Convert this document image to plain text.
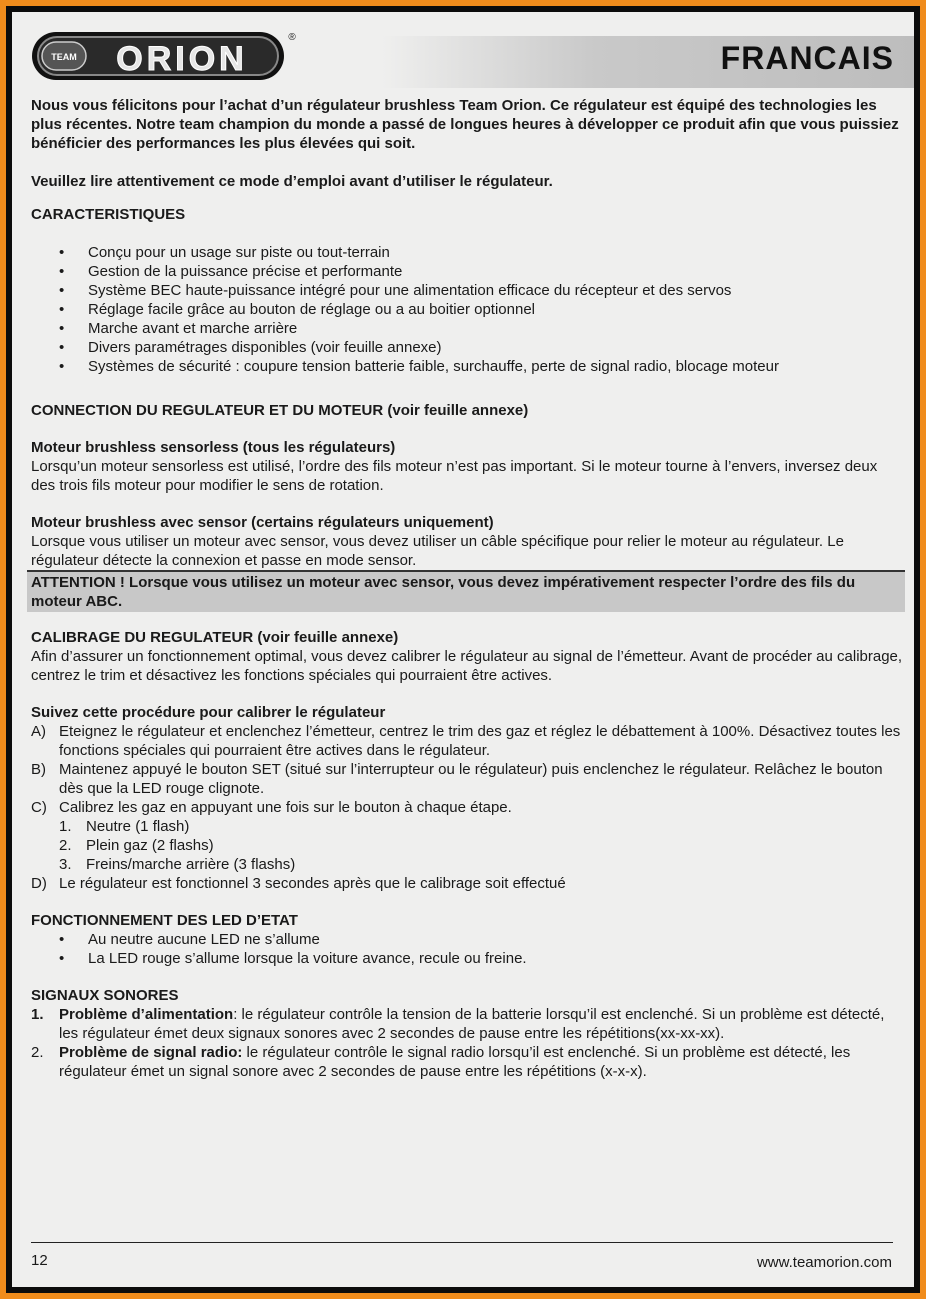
TEAM ORION
®
FRANCAIS

Nous vous félicitons pour l’achat d’un régulateur brushless Team Orion. Ce régulateur est équipé des technologies les plus récentes. Notre team champion du monde a passé de longues heures à développer ce produit afin que vous puissiez bénéficier des performances les plus élevées qui soit.

Veuillez lire attentivement ce mode d’emploi avant d’utiliser le régulateur.

CARACTERISTIQUES
• Conçu pour un usage sur piste ou tout-terrain
• Gestion de la puissance précise et performante
• Système BEC haute-puissance intégré pour une alimentation efficace du récepteur et des servos
• Réglage facile grâce au bouton de réglage ou a au boitier optionnel
• Marche avant et marche arrière
• Divers paramétrages disponibles (voir feuille annexe)
• Systèmes de sécurité : coupure tension batterie faible, surchauffe, perte de signal radio, blocage moteur
CONNECTION DU REGULATEUR ET DU MOTEUR (voir feuille annexe)
Moteur brushless sensorless (tous les régulateurs)

Lorsqu’un moteur sensorless est utilisé, l’ordre des fils moteur n’est pas important. Si le moteur tourne à l’envers, inversez deux des trois fils moteur pour modifier le sens de rotation.

Moteur brushless avec sensor (certains régulateurs uniquement)

Lorsque vous utiliser un moteur avec sensor, vous devez utiliser un câble spécifique pour relier le moteur au régulateur. Le régulateur détecte la connexion et passe en mode sensor.

ATTENTION ! Lorsque vous utilisez un moteur avec sensor, vous devez impérativement respecter l’ordre des fils du moteur ABC.
CALIBRAGE DU REGULATEUR (voir feuille annexe)

Afin d’assurer un fonctionnement optimal, vous devez calibrer le régulateur au signal de l’émetteur. Avant de procéder au calibrage, centrez le trim et désactivez les fonctions spéciales qui pourraient être actives.

Suivez cette procédure pour calibrer le régulateur
A) Eteignez le régulateur et enclenchez l’émetteur, centrez le trim des gaz et réglez le débattement à 100%. Désactivez toutes les fonctions spéciales qui pourraient être actives dans le régulateur.
B) Maintenez appuyé le bouton SET (situé sur l’interrupteur ou le régulateur) puis enclenchez le régulateur. Relâchez le bouton dès que la LED rouge clignote.
C) Calibrez les gaz en appuyant une fois sur le bouton à chaque étape.
1. Neutre (1 flash)
2. Plein gaz (2 flashs)
3. Freins/marche arrière (3 flashs)
D) Le régulateur est fonctionnel 3 secondes après que le calibrage soit effectué
FONCTIONNEMENT DES LED D’ETAT
• Au neutre aucune LED ne s’allume
• La LED rouge s’allume lorsque la voiture avance, recule ou freine.
SIGNAUX SONORES
1. Problème d’alimentation: le régulateur contrôle la tension de la batterie lorsqu’il est enclenché. Si un problème est détecté, les régulateur émet deux signaux sonores avec 2 secondes de pause entre les répétitions(xx-xx-xx).
2. Problème de signal radio: le régulateur contrôle le signal radio lorsqu’il est enclenché. Si un problème est détecté, les régulateur émet un signal sonore avec 2 secondes de pause entre les répétitions (x-x-x).
12	www.teamorion.com
